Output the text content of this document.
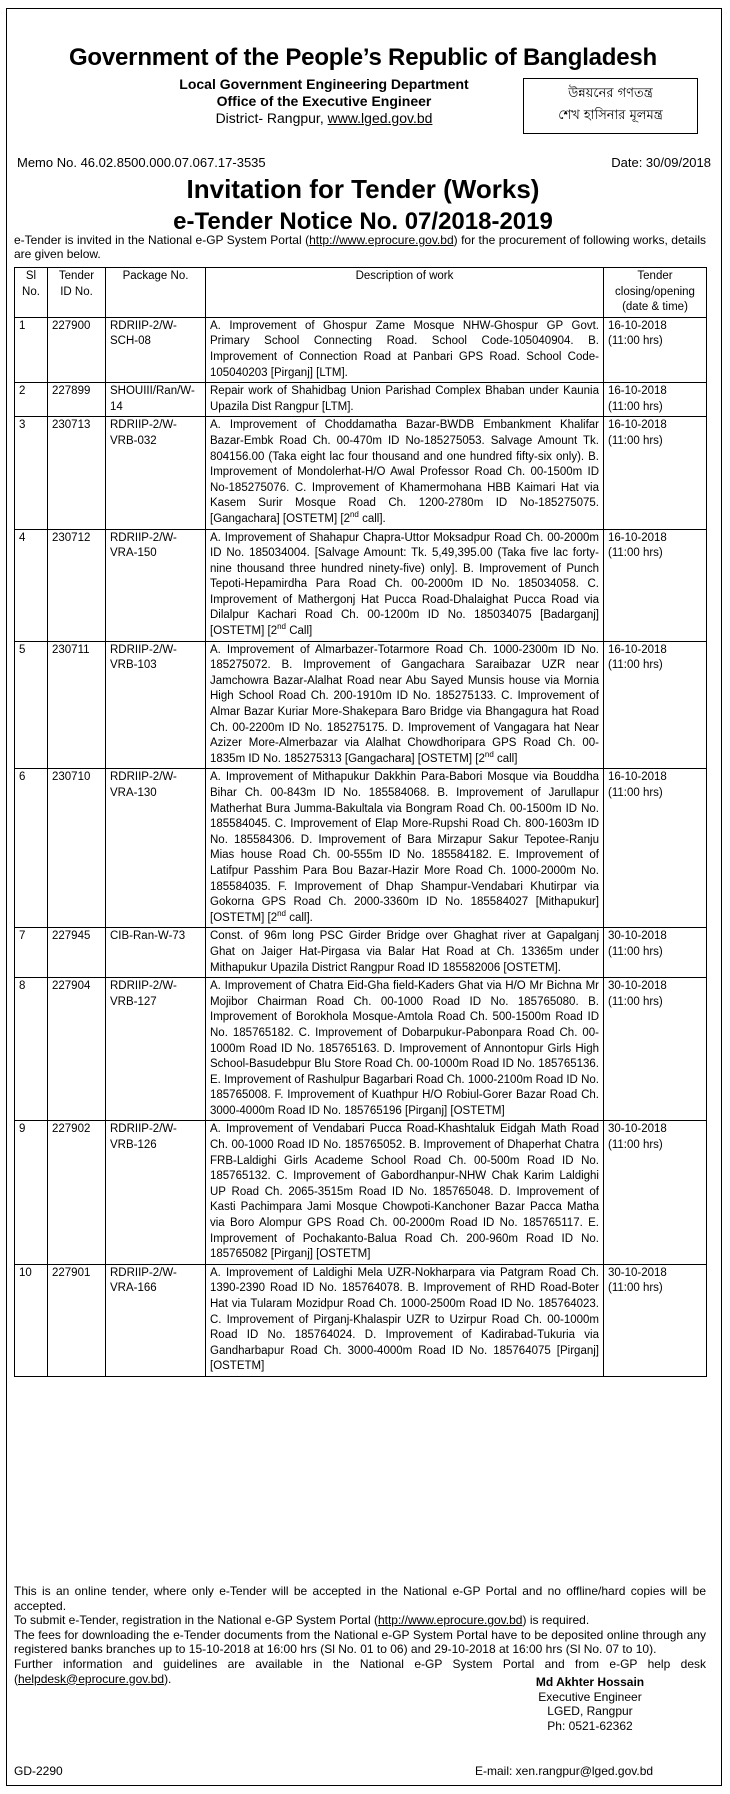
Government of the People’s Republic of Bangladesh
Local Government Engineering Department
Office of the Executive Engineer
District- Rangpur, www.lged.gov.bd
উন্নয়নের গণতন্ত্র
শেখ হাসিনার মূলমন্ত্র
Memo No. 46.02.8500.000.07.067.17-3535	Date: 30/09/2018
Invitation for Tender (Works)
e-Tender Notice No. 07/2018-2019
e-Tender is invited in the National e-GP System Portal (http://www.eprocure.gov.bd) for the procurement of following works, details are given below.
Sl No.	Tender ID No.	Package No.	Description of work	Tender closing/opening (date & time)
1	227900	RDRIIP-2/W-SCH-08	A. Improvement of Ghospur Zame Mosque NHW-Ghospur GP Govt. Primary School Connecting Road. School Code-105040904. B. Improvement of Connection Road at Panbari GPS Road. School Code-105040203 [Pirganj] [LTM].	16-10-2018
(11:00 hrs)

2	227899	SHOUIII/Ran/W-14	Repair work of Shahidbag Union Parishad Complex Bhaban under Kaunia Upazila Dist Rangpur [LTM].	16-10-2018
(11:00 hrs)

3	230713	RDRIIP-2/W-VRB-032	A. Improvement of Choddamatha Bazar-BWDB Embankment Khalifar Bazar-Embk Road Ch. 00-470m ID No-185275053. Salvage Amount Tk. 804156.00 (Taka eight lac four thousand and one hundred fifty-six only). B. Improvement of Mondolerhat-H/O Awal Professor Road Ch. 00-1500m ID No-185275076. C. Improvement of Khamermohana HBB Kaimari Hat via Kasem Surir Mosque Road Ch. 1200-2780m ID No-185275075. [Gangachara] [OSTETM] [2nd call].	16-10-2018
(11:00 hrs)

4	230712	RDRIIP-2/W-VRA-150	A. Improvement of Shahapur Chapra-Uttor Moksadpur Road Ch. 00-2000m ID No. 185034004. [Salvage Amount: Tk. 5,49,395.00 (Taka five lac forty-nine thousand three hundred ninety-five) only]. B. Improvement of Punch Tepoti-Hepamirdha Para Road Ch. 00-2000m ID No. 185034058. C. Improvement of Mathergonj Hat Pucca Road-Dhalaighat Pucca Road via Dilalpur Kachari Road Ch. 00-1200m ID No. 185034075 [Badarganj] [OSTETM] [2nd Call]	16-10-2018
(11:00 hrs)

5	230711	RDRIIP-2/W-VRB-103	A. Improvement of Almarbazer-Totarmore Road Ch. 1000-2300m ID No. 185275072. B. Improvement of Gangachara Saraibazar UZR near Jamchowra Bazar-Alalhat Road near Abu Sayed Munsis house via Mornia High School Road Ch. 200-1910m ID No. 185275133. C. Improvement of Almar Bazar Kuriar More-Shakepara Baro Bridge via Bhangagura hat Road Ch. 00-2200m ID No. 185275175. D. Improvement of Vangagara hat Near Azizer More-Almerbazar via Alalhat Chowdhoripara GPS Road Ch. 00-1835m ID No. 185275313 [Gangachara] [OSTETM] [2nd call]	16-10-2018
(11:00 hrs)

6	230710	RDRIIP-2/W-VRA-130	A. Improvement of Mithapukur Dakkhin Para-Babori Mosque via Bouddha Bihar Ch. 00-843m ID No. 185584068. B. Improvement of Jarullapur Matherhat Bura Jumma-Bakultala via Bongram Road Ch. 00-1500m ID No. 185584045. C. Improvement of Elap More-Rupshi Road Ch. 800-1603m ID No. 185584306. D. Improvement of Bara Mirzapur Sakur Tepotee-Ranju Mias house Road Ch. 00-555m ID No. 185584182. E. Improvement of Latifpur Passhim Para Bou Bazar-Hazir More Road Ch. 1000-2000m No. 185584035. F. Improvement of Dhap Shampur-Vendabari Khutirpar via Gokorna GPS Road Ch. 2000-3360m ID No. 185584027 [Mithapukur] [OSTETM] [2nd call].	16-10-2018
(11:00 hrs)

7	227945	CIB-Ran-W-73	Const. of 96m long PSC Girder Bridge over Ghaghat river at Gapalganj Ghat on Jaiger Hat-Pirgasa via Balar Hat Road at Ch. 13365m under Mithapukur Upazila District Rangpur Road ID 185582006 [OSTETM].	30-10-2018
(11:00 hrs)

8	227904	RDRIIP-2/W-VRB-127	A. Improvement of Chatra Eid-Gha field-Kaders Ghat via H/O Mr Bichna Mr Mojibor Chairman Road Ch. 00-1000 Road ID No. 185765080. B. Improvement of Borokhola Mosque-Amtola Road Ch. 500-1500m Road ID No. 185765182. C. Improvement of Dobarpukur-Pabonpara Road Ch. 00-1000m Road ID No. 185765163. D. Improvement of Annontopur Girls High School-Basudebpur Blu Store Road Ch. 00-1000m Road ID No. 185765136. E. Improvement of Rashulpur Bagarbari Road Ch. 1000-2100m Road ID No. 185765008. F. Improvement of Kuathpur H/O Robiul-Gorer Bazar Road Ch. 3000-4000m Road ID No. 185765196 [Pirganj] [OSTETM]	30-10-2018
(11:00 hrs)

9	227902	RDRIIP-2/W-VRB-126	A. Improvement of Vendabari Pucca Road-Khashtaluk Eidgah Math Road Ch. 00-1000 Road ID No. 185765052. B. Improvement of Dhaperhat Chatra FRB-Laldighi Girls Academe School Road Ch. 00-500m Road ID No. 185765132. C. Improvement of Gabordhanpur-NHW Chak Karim Laldighi UP Road Ch. 2065-3515m Road ID No. 185765048. D. Improvement of Kasti Pachimpara Jami Mosque Chowpoti-Kanchoner Bazar Pacca Matha via Boro Alompur GPS Road Ch. 00-2000m Road ID No. 185765117. E. Improvement of Pochakanto-Balua Road Ch. 200-960m Road ID No. 185765082 [Pirganj] [OSTETM]	30-10-2018
(11:00 hrs)

10	227901	RDRIIP-2/W-VRA-166	A. Improvement of Laldighi Mela UZR-Nokharpara via Patgram Road Ch. 1390-2390 Road ID No. 185764078. B. Improvement of RHD Road-Boter Hat via Tularam Mozidpur Road Ch. 1000-2500m Road ID No. 185764023. C. Improvement of Pirganj-Khalaspir UZR to Uzirpur Road Ch. 00-1000m Road ID No. 185764024. D. Improvement of Kadirabad-Tukuria via Gandharbapur Road Ch. 3000-4000m Road ID No. 185764075 [Pirganj] [OSTETM]	30-10-2018
(11:00 hrs)
This is an online tender, where only e-Tender will be accepted in the National e-GP Portal and no offline/hard copies will be accepted.
To submit e-Tender, registration in the National e-GP System Portal (http://www.eprocure.gov.bd) is required.
The fees for downloading the e-Tender documents from the National e-GP System Portal have to be deposited online through any registered banks branches up to 15-10-2018 at 16:00 hrs (Sl No. 01 to 06) and 29-10-2018 at 16:00 hrs (Sl No. 07 to 10).
Further information and guidelines are available in the National e-GP System Portal and from e-GP help desk (helpdesk@eprocure.gov.bd).	Md Akhter Hossain
Executive Engineer
LGED, Rangpur
Ph: 0521-62362
GD-2290	E-mail: xen.rangpur@lged.gov.bd
